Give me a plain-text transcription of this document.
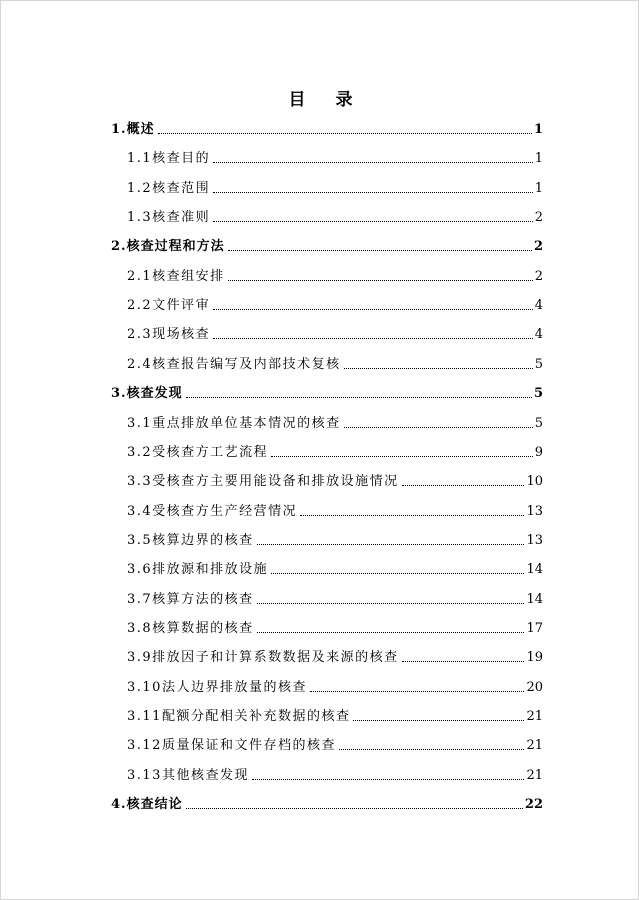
目 录
1.概述	1
1.1核查目的	1
1.2核查范围	1
1.3核查准则	2
2.核查过程和方法	2
2.1核查组安排	2
2.2文件评审	4
2.3现场核查	4
2.4核查报告编写及内部技术复核	5
3.核查发现	5
3.1重点排放单位基本情况的核查	5
3.2受核查方工艺流程	9
3.3受核查方主要用能设备和排放设施情况	10
3.4受核查方生产经营情况	13
3.5核算边界的核查	13
3.6排放源和排放设施	14
3.7核算方法的核查	14
3.8核算数据的核查	17
3.9排放因子和计算系数数据及来源的核查	19
3.10法人边界排放量的核查	20
3.11配额分配相关补充数据的核查	21
3.12质量保证和文件存档的核查	21
3.13其他核查发现	21
4.核查结论	22
